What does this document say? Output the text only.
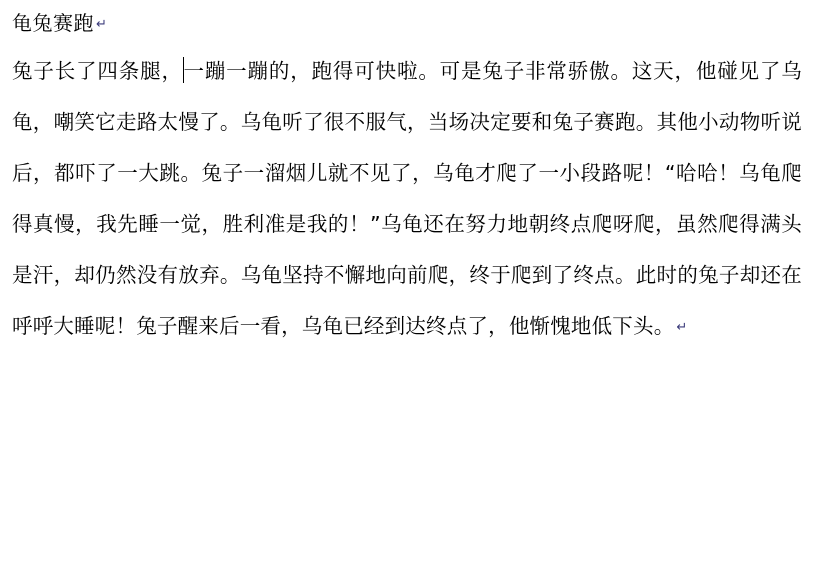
龟兔赛跑 ↵
兔子长了四条腿，一蹦一蹦的，跑得可快啦。可是兔子非常骄傲。这天，他碰见了乌龟，嘲笑它走路太慢了。乌龟听了很不服气，当场决定要和兔子赛跑。其他小动物听说后，都吓了一大跳。兔子一溜烟儿就不见了，乌龟才爬了一小段路呢！“哈哈！乌龟爬得真慢，我先睡一觉，胜利准是我的！”乌龟还在努力地朝终点爬呀爬，虽然爬得满头是汗，却仍然没有放弃。乌龟坚持不懈地向前爬，终于爬到了终点。此时的兔子却还在呼呼大睡呢！兔子醒来后一看，乌龟已经到达终点了，他惭愧地低下头。 ↵
